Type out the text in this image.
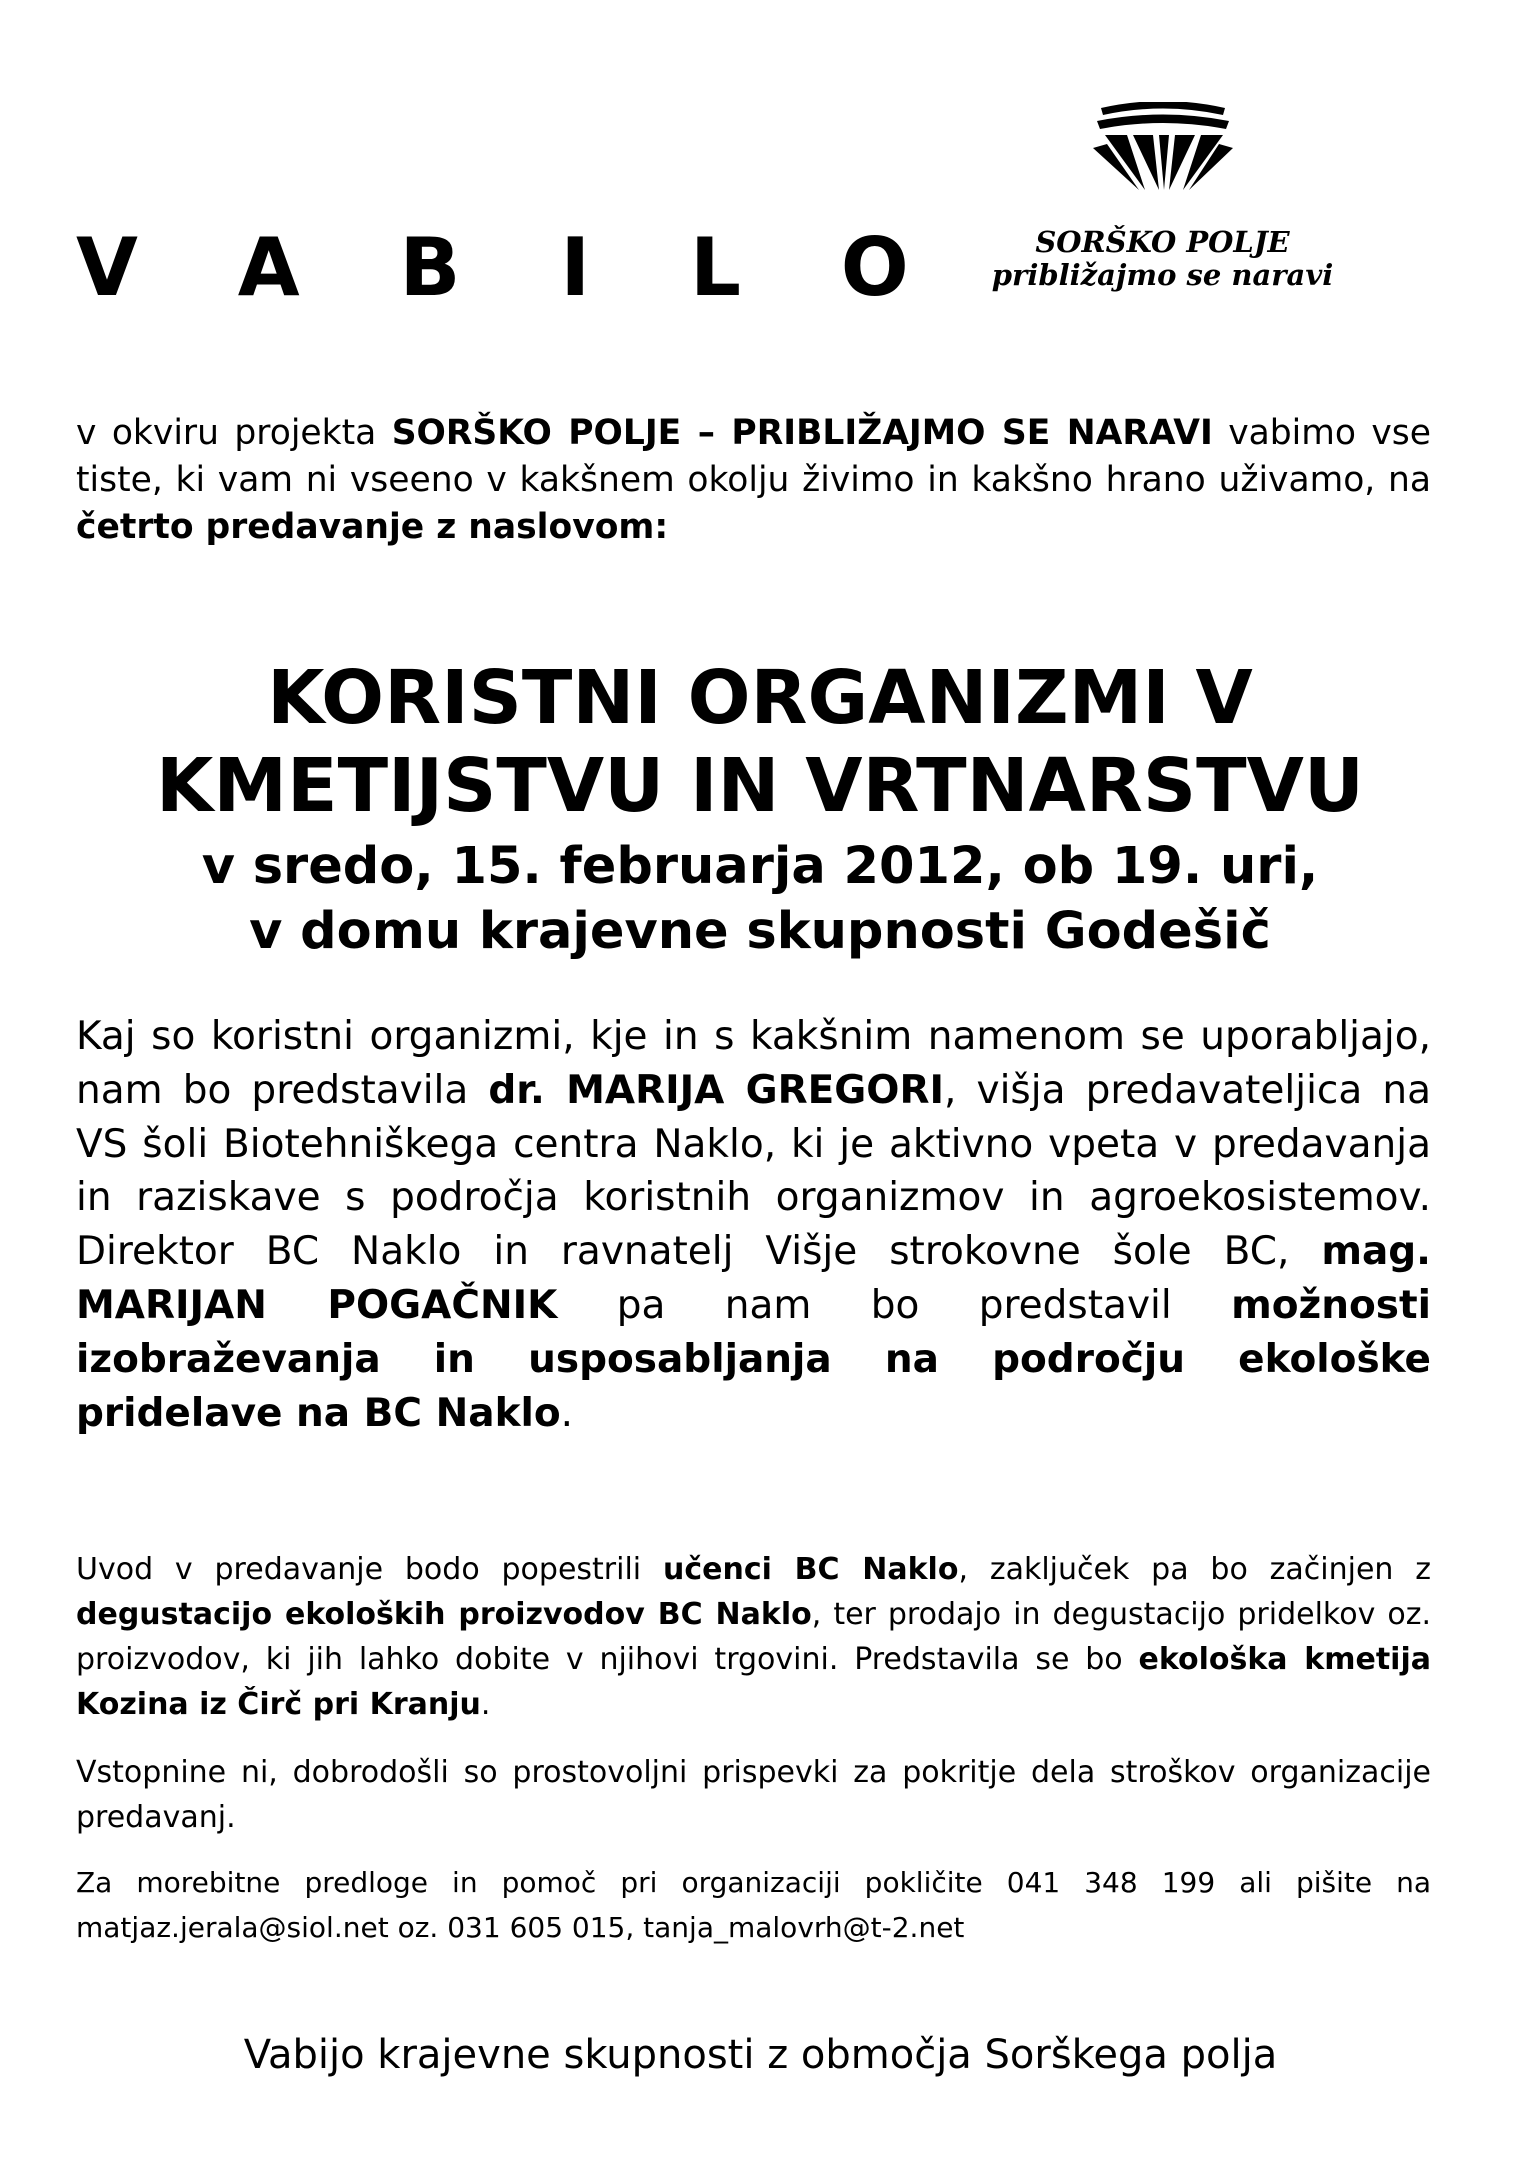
V A B I L O	SORŠKO POLJE
približajmo se naravi

v okviru projekta SORŠKO POLJE – PRIBLIŽAJMO SE NARAVI vabimo vse tiste, ki vam ni vseeno v kakšnem okolju živimo in kakšno hrano uživamo, na četrto predavanje z naslovom:

KORISTNI ORGANIZMI V
KMETIJSTVU IN VRTNARSTVU
v sredo, 15. februarja 2012, ob 19. uri,
v domu krajevne skupnosti Godešič

Kaj so koristni organizmi, kje in s kakšnim namenom se uporabljajo, nam bo predstavila dr. MARIJA GREGORI, višja predavateljica na VS šoli Biotehniškega centra Naklo, ki je aktivno vpeta v predavanja in raziskave s področja koristnih organizmov in agroekosistemov. Direktor BC Naklo in ravnatelj Višje strokovne šole BC, mag. MARIJAN POGAČNIK pa nam bo predstavil možnosti izobraževanja in usposabljanja na področju ekološke pridelave na BC Naklo.

Uvod v predavanje bodo popestrili učenci BC Naklo, zaključek pa bo začinjen z degustacijo ekoloških proizvodov BC Naklo, ter prodajo in degustacijo pridelkov oz. proizvodov, ki jih lahko dobite v njihovi trgovini. Predstavila se bo ekološka kmetija Kozina iz Čirč pri Kranju.

Vstopnine ni, dobrodošli so prostovoljni prispevki za pokritje dela stroškov organizacije predavanj.

Za morebitne predloge in pomoč pri organizaciji pokličite 041 348 199 ali pišite na matjaz.jerala@siol.net oz. 031 605 015, tanja_malovrh@t-2.net

Vabijo krajevne skupnosti z območja Sorškega polja
